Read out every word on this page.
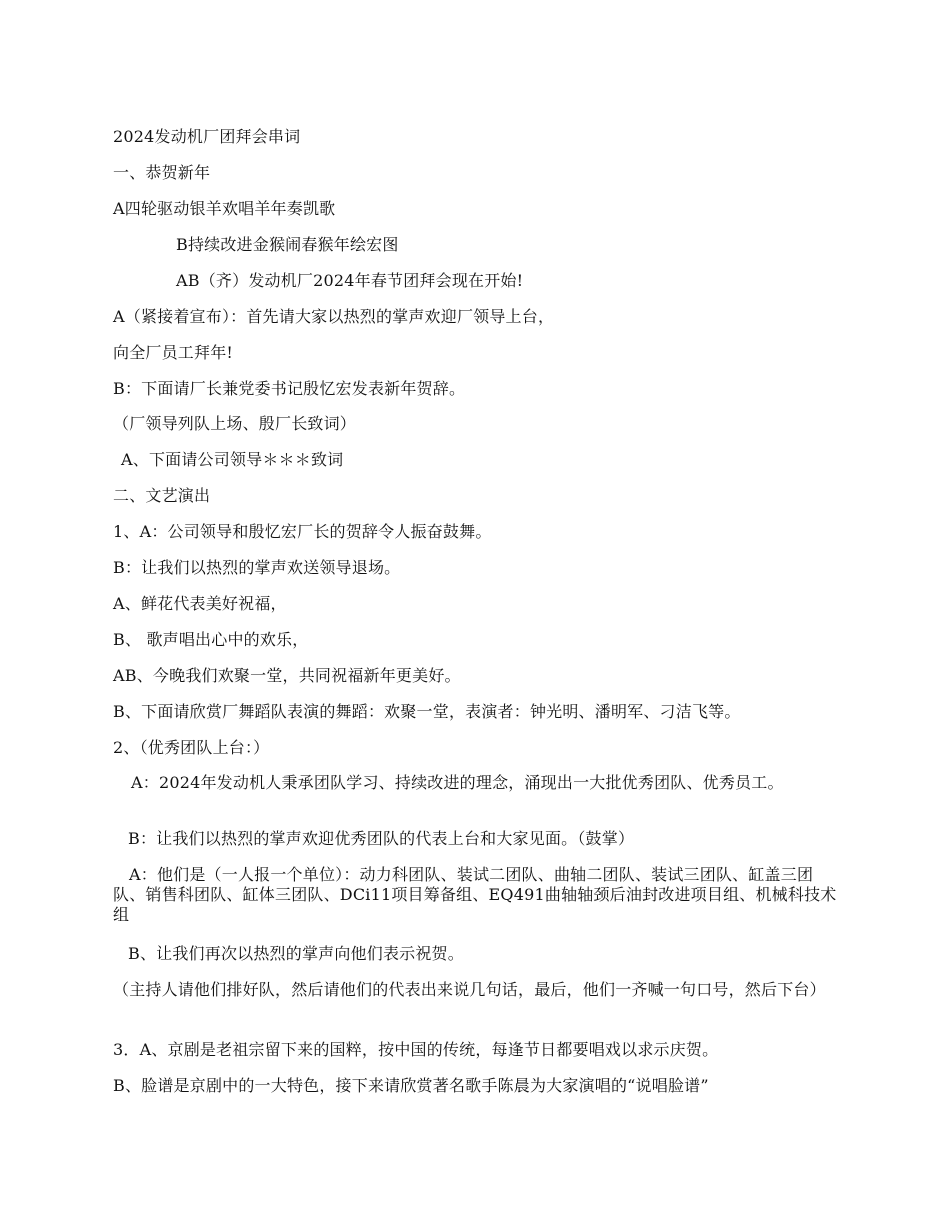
2024发动机厂团拜会串词
一、恭贺新年
A四轮驱动银羊欢唱羊年奏凯歌
B持续改进金猴闹春猴年绘宏图
AB（齐）发动机厂2024年春节团拜会现在开始!
A（紧接着宣布）：首先请大家以热烈的掌声欢迎厂领导上台，
向全厂员工拜年!
B：下面请厂长兼党委书记殷忆宏发表新年贺辞。
（厂领导列队上场、殷厂长致词）
A、下面请公司领导＊＊＊致词
二、文艺演出
1、A：公司领导和殷忆宏厂长的贺辞令人振奋鼓舞。
B：让我们以热烈的掌声欢送领导退场。
A、鲜花代表美好祝福，
B、 歌声唱出心中的欢乐，
AB、今晚我们欢聚一堂，共同祝福新年更美好。
B、下面请欣赏厂舞蹈队表演的舞蹈：欢聚一堂，表演者：钟光明、潘明军、刁洁飞等。
2、（优秀团队上台：）
A：2024年发动机人秉承团队学习、持续改进的理念，涌现出一大批优秀团队、优秀员工。
B：让我们以热烈的掌声欢迎优秀团队的代表上台和大家见面。（鼓掌）
A：他们是（一人报一个单位）：动力科团队、装试二团队、曲轴二团队、装试三团队、缸盖三团队、销售科团队、缸体三团队、DCi11项目筹备组、EQ491曲轴轴颈后油封改进项目组、机械科技术组
B、让我们再次以热烈的掌声向他们表示祝贺。
（主持人请他们排好队，然后请他们的代表出来说几句话，最后，他们一齐喊一句口号，然后下台）
3．A、京剧是老祖宗留下来的国粹，按中国的传统，每逢节日都要唱戏以求示庆贺。
B、脸谱是京剧中的一大特色，接下来请欣赏著名歌手陈晨为大家演唱的“说唱脸谱”
